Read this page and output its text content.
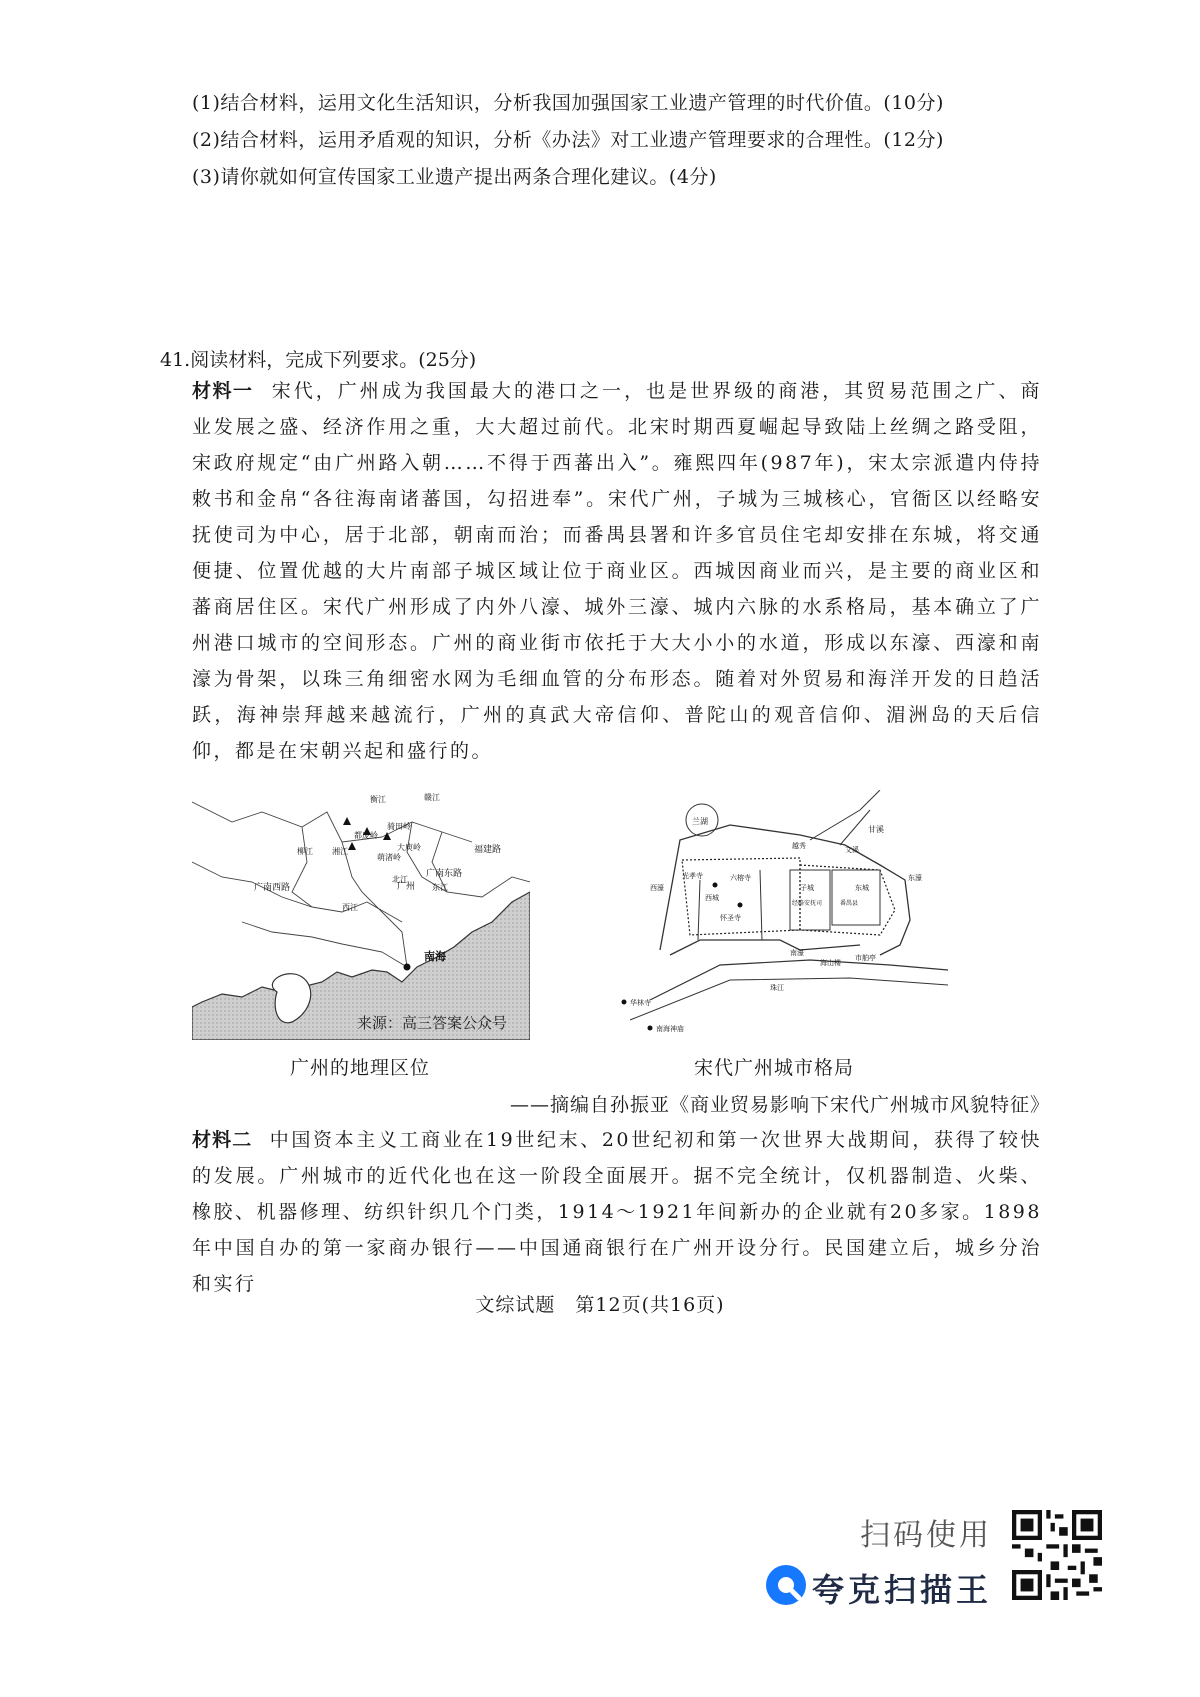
(1)结合材料，运用文化生活知识，分析我国加强国家工业遗产管理的时代价值。(10分)
(2)结合材料，运用矛盾观的知识，分析《办法》对工业遗产管理要求的合理性。(12分)
(3)请你就如何宣传国家工业遗产提出两条合理化建议。(4分)
41.阅读材料，完成下列要求。(25分)
材料一 宋代，广州成为我国最大的港口之一，也是世界级的商港，其贸易范围之广、商业发展之盛、经济作用之重，大大超过前代。北宋时期西夏崛起导致陆上丝绸之路受阻，宋政府规定“由广州路入朝……不得于西蕃出入”。雍熙四年(987年)，宋太宗派遣内侍持敕书和金帛“各往海南诸蕃国，勾招进奉”。宋代广州，子城为三城核心，官衙区以经略安抚使司为中心，居于北部，朝南而治；而番禺县署和许多官员住宅却安排在东城，将交通便捷、位置优越的大片南部子城区域让位于商业区。西城因商业而兴，是主要的商业区和蕃商居住区。宋代广州形成了内外八濠、城外三濠、城内六脉的水系格局，基本确立了广州港口城市的空间形态。广州的商业街市依托于大大小小的水道，形成以东濠、西濠和南濠为骨架，以珠三角细密水网为毛细血管的分布形态。随着对外贸易和海洋开发的日趋活跃，海神崇拜越来越流行，广州的真武大帝信仰、普陀山的观音信仰、湄洲岛的天后信仰，都是在宋朝兴起和盛行的。
衡江
骑田岭
都庞岭
萌渚岭
大庾岭
赣江
福建路
柳江 湘江
北江
广南东路
广南西路	广州
西江
东江
南海
来源：高三答案公众号
广州的地理区位
兰湖
甘溪
越秀	文溪
西城
子城	东城
光孝寺	六榕寺
怀圣寺
东濠
西濠
南濠
市舶亭
海山楼
珠江
南海神庙
华林寺
番禺县
经略安抚司
宋代广州城市格局
——摘编自孙振亚《商业贸易影响下宋代广州城市风貌特征》
材料二 中国资本主义工商业在19世纪末、20世纪初和第一次世界大战期间，获得了较快的发展。广州城市的近代化也在这一阶段全面展开。据不完全统计，仅机器制造、火柴、橡胶、机器修理、纺织针织几个门类，1914～1921年间新办的企业就有20多家。1898年中国自办的第一家商办银行——中国通商银行在广州开设分行。民国建立后，城乡分治和实行
文综试题　第12页(共16页)
扫码使用
夸克扫描王
